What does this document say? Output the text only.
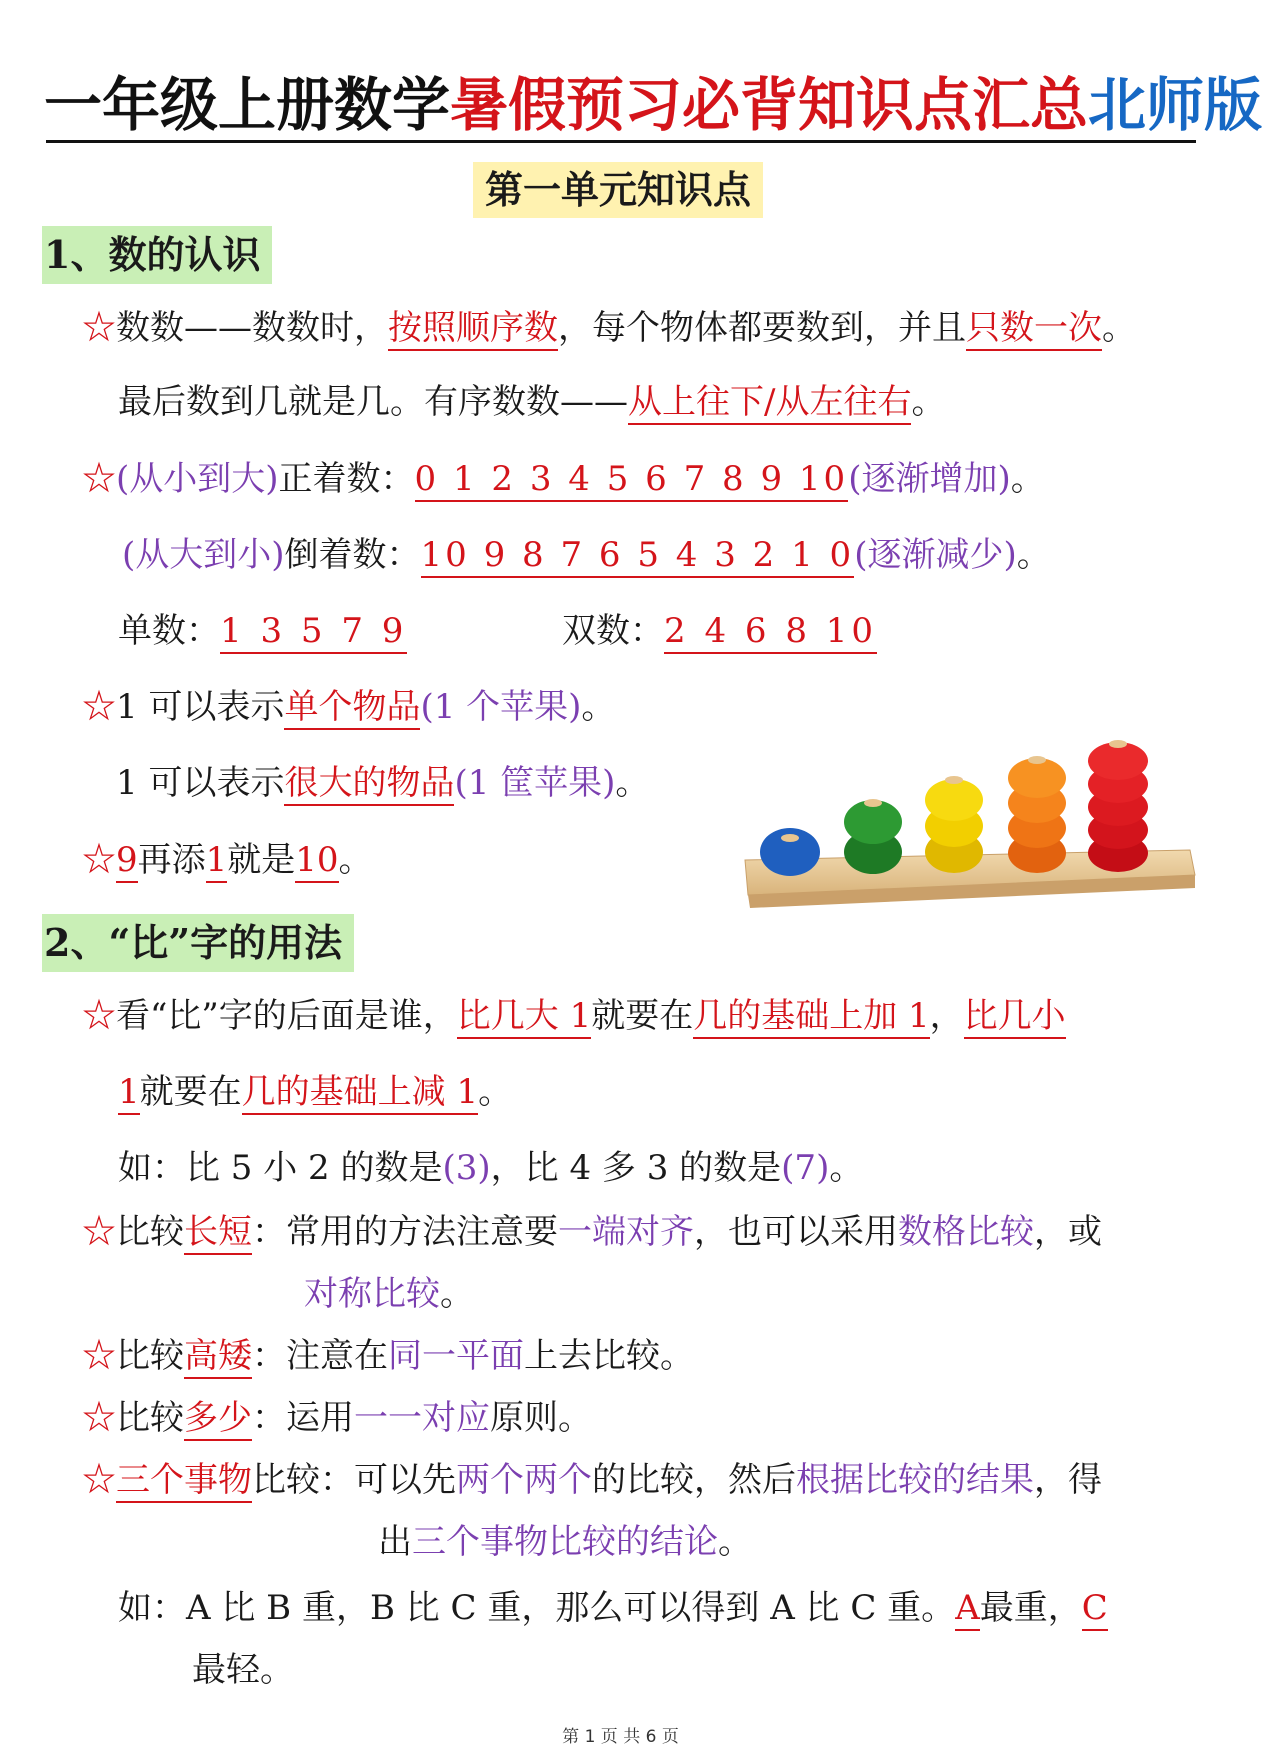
一年级上册数学暑假预习必背知识点汇总北师版
第一单元知识点
1、数的认识
☆数数——数数时，按照顺序数，每个物体都要数到，并且只数一次。
最后数到几就是几。有序数数——从上往下/从左往右。
☆(从小到大)正着数：0 1 2 3 4 5 6 7 8 9 10(逐渐增加)。
(从大到小)倒着数：10 9 8 7 6 5 4 3 2 1 0(逐渐减少)。
单数：1 3 5 7 9	双数：2 4 6 8 10
☆1 可以表示单个物品(1 个苹果)。
1 可以表示很大的物品(1 筐苹果)。
☆9再添1就是10。
2、“比”字的用法
☆看“比”字的后面是谁，比几大 1就要在几的基础上加 1，比几小
1就要在几的基础上减 1。
如：比 5 小 2 的数是(3)，比 4 多 3 的数是(7)。
☆比较长短：常用的方法注意要一端对齐，也可以采用数格比较，或
对称比较。
☆比较高矮：注意在同一平面上去比较。
☆比较多少：运用一一对应原则。
☆三个事物比较：可以先两个两个的比较，然后根据比较的结果，得
出三个事物比较的结论。
如：A 比 B 重，B 比 C 重，那么可以得到 A 比 C 重。A最重，C
最轻。
第 1 页 共 6 页
